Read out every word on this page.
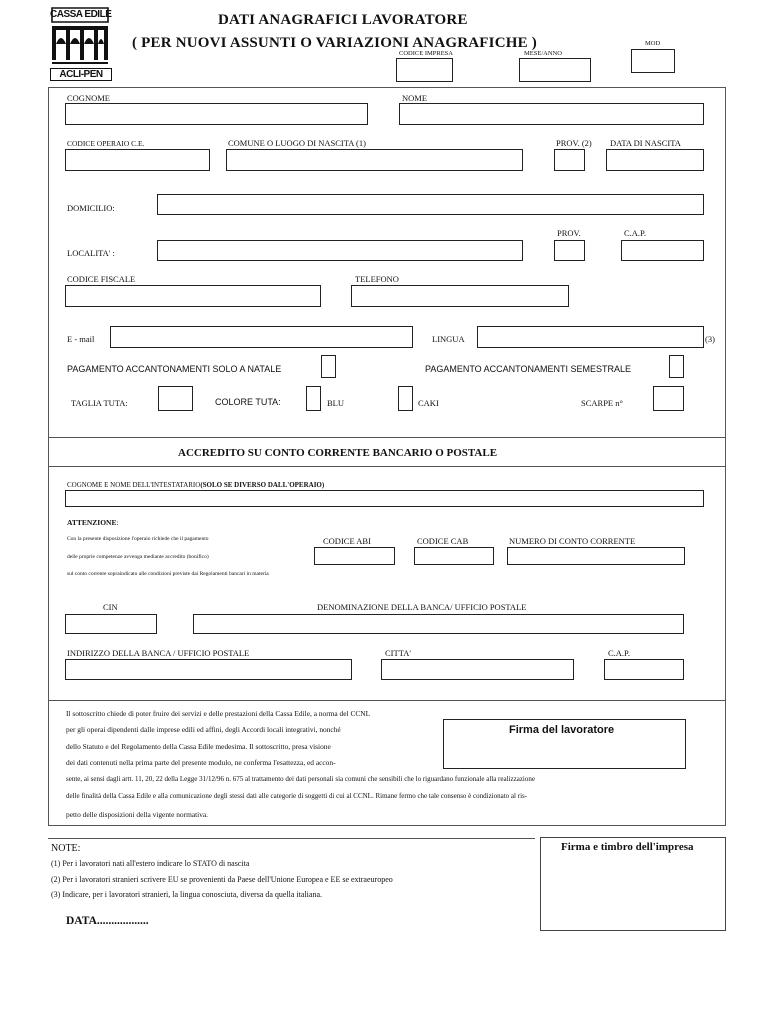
CASSA EDILE
ACLI-PEN
DATI ANAGRAFICI LAVORATORE
( PER NUOVI ASSUNTI O VARIAZIONI ANAGRAFICHE )
CODICE IMPRESA	MESE/ANNO
MOD
COGNOME	NOME
CODICE OPERAIO C.E.	COMUNE O LUOGO DI NASCITA (1)	PROV. (2) DATA DI NASCITA
DOMICILIO:
PROV.	C.A.P.
LOCALITA' :
CODICE FISCALE	TELEFONO
E - mail	LINGUA	(3)
PAGAMENTO ACCANTONAMENTI SOLO A NATALE	PAGAMENTO ACCANTONAMENTI SEMESTRALE
TAGLIA TUTA:	COLORE TUTA:	BLU	CAKI	SCARPE n°
ACCREDITO SU CONTO CORRENTE BANCARIO O POSTALE
COGNOME E NOME DELL'INTESTATARIO(SOLO SE DIVERSO DALL'OPERAIO)
ATTENZIONE:
Con la presente disposizione l'operaio richiede che il pagamento
delle proprie competenze avvenga mediante accredito (bonifico)
sul conto corrente sopraindicato alle condizioni previste dai Regolamenti bancari in materia
CODICE ABI	CODICE CAB	NUMERO DI CONTO CORRENTE
CIN	DENOMINAZIONE DELLA BANCA/ UFFICIO POSTALE
INDIRIZZO DELLA BANCA / UFFICIO POSTALE	CITTA'	C.A.P.
Il sottoscritto chiede di poter fruire dei servizi e delle prestazioni della Cassa Edile, a norma del CCNL
per gli operai dipendenti dalle imprese edili ed affini, degli Accordi locali integrativi, nonché
dello Statuto e del Regolamento della Cassa Edile medesima. Il sottoscritto, presa visione
dei dati contenuti nella prima parte del presente modulo, ne conferma l'esattezza, ed accon-
sente, ai sensi dagli artt. 11, 20, 22 della Legge 31/12/96 n. 675 al trattamento dei dati personali sia comuni che sensibili che lo riguardano funzionale alla realizzazione
delle finalità della Cassa Edile e alla comunicazione degli stessi dati alle categorie di soggetti di cui al CCNL. Rimane fermo che tale consenso è condizionato al ris-
petto delle disposizioni della vigente normativa.
Firma del lavoratore
NOTE:
(1) Per i lavoratori nati all'estero indicare lo STATO di nascita
(2) Per i lavoratori stranieri scrivere EU se provenienti da Paese dell'Unione Europea e EE se extraeuropeo
(3) Indicare, per i lavoratori stranieri, la lingua conosciuta, diversa da quella italiana.
DATA..................
Firma e timbro dell'impresa
